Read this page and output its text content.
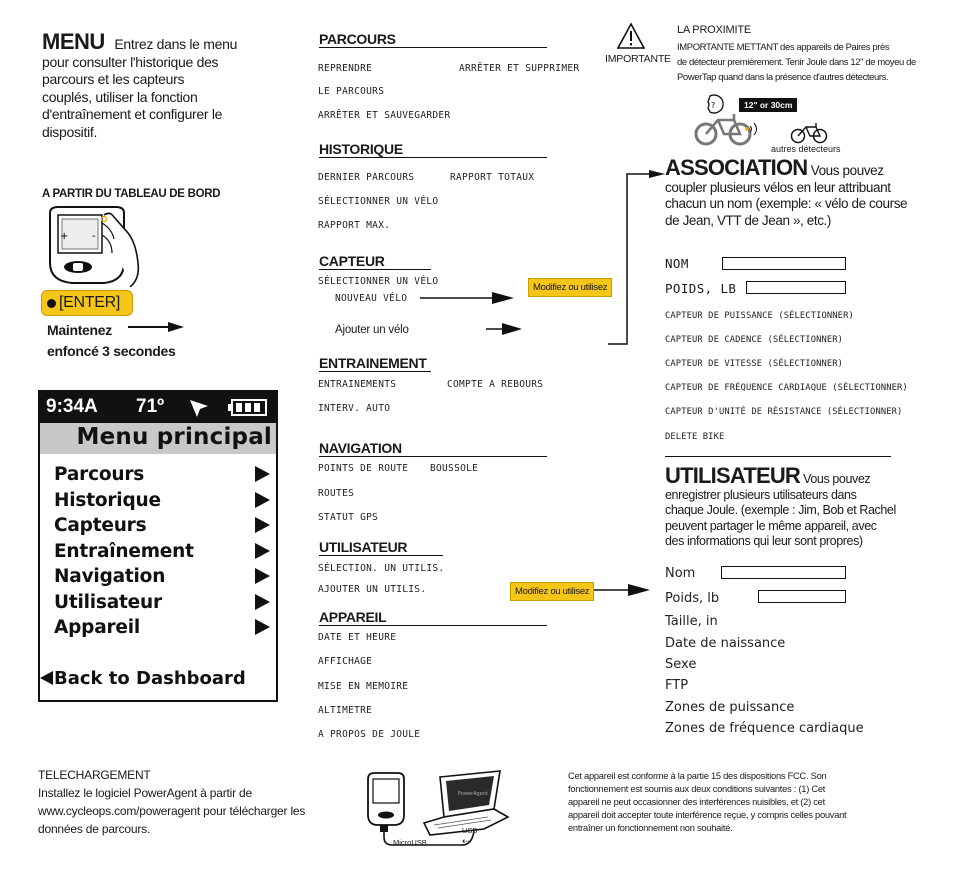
MENU Entrez dans le menu
pour consulter l'historique des
parcours et les capteurs
couplés, utiliser la fonction
d'entraînement et configurer le
dispositif.
A PARTIR DU TABLEAU DE BORD
+ -
[ENTER]
Maintenez
enfoncé 3 secondes
9:34A 71º
Menu principal
Parcours
Historique
Capteurs
Entraînement
Navigation
Utilisateur
Appareil
Back to Dashboard
PARCOURS
REPRENDRE	ARRÊTER ET SUPPRIMER
LE PARCOURS
ARRÊTER ET SAUVEGARDER
HISTORIQUE
DERNIER PARCOURS	RAPPORT TOTAUX
SÉLECTIONNER UN VÉLO
RAPPORT MAX.
CAPTEUR
SÉLECTIONNER UN VÉLO
NOUVEAU VÉLO
Ajouter un vélo
Modifiez ou utilisez
ENTRAINEMENT
ENTRAINEMENTS	COMPTE A REBOURS
INTERV. AUTO
NAVIGATION
POINTS DE ROUTE BOUSSOLE
ROUTES
STATUT GPS
UTILISATEUR
SÉLECTION. UN UTILIS.
AJOUTER UN UTILIS.	Modifiez ou utilisez
APPAREIL
DATE ET HEURE
AFFICHAGE
MISE EN MEMOIRE
ALTIMETRE
A PROPOS DE JOULE
IMPORTANTE
LA PROXIMITE
IMPORTANTE METTANT des appareils de Paires près
de détecteur premièrement. Tenir Joule dans 12" de moyeu de
PowerTap quand dans la présence d'autres détecteurs.
?	12" or 30cm
autres détecteurs
ASSOCIATION Vous pouvez
coupler plusieurs vélos en leur attribuant
chacun un nom (exemple: « vélo de course
de Jean, VTT de Jean », etc.)
NOM
POIDS, LB
CAPTEUR DE PUISSANCE (SÉLECTIONNER)
CAPTEUR DE CADENCE (SÉLECTIONNER)
CAPTEUR DE VITESSE (SÉLECTIONNER)
CAPTEUR DE FRÉQUENCE CARDIAQUE (SÉLECTIONNER)
CAPTEUR D'UNITÉ DE RÉSISTANCE (SÉLECTIONNER)
DELETE BIKE
UTILISATEUR Vous pouvez
enregistrer plusieurs utilisateurs dans
chaque Joule. (exemple : Jim, Bob et Rachel
peuvent partager le même appareil, avec
des informations qui leur sont propres)
Nom
Poids, lb
Taille, in
Date de naissance
Sexe
FTP
Zones de puissance
Zones de fréquence cardiaque
TELECHARGEMENT
Installez le logiciel PowerAgent à partir de
www.cycleops.com/poweragent pour télécharger les
données de parcours.
PowerAgent
MicroUSB
USB
⇠
Cet appareil est conforme à la partie 15 des dispositions FCC. Son
fonctionnement est soumis aux deux conditions suivantes : (1) Cet
appareil ne peut occasionner des interférences nuisibles, et (2) cet
appareil doit accepter toute interférence reçue, y compris celles pouvant
entraîner un fonctionnement non souhaité.
